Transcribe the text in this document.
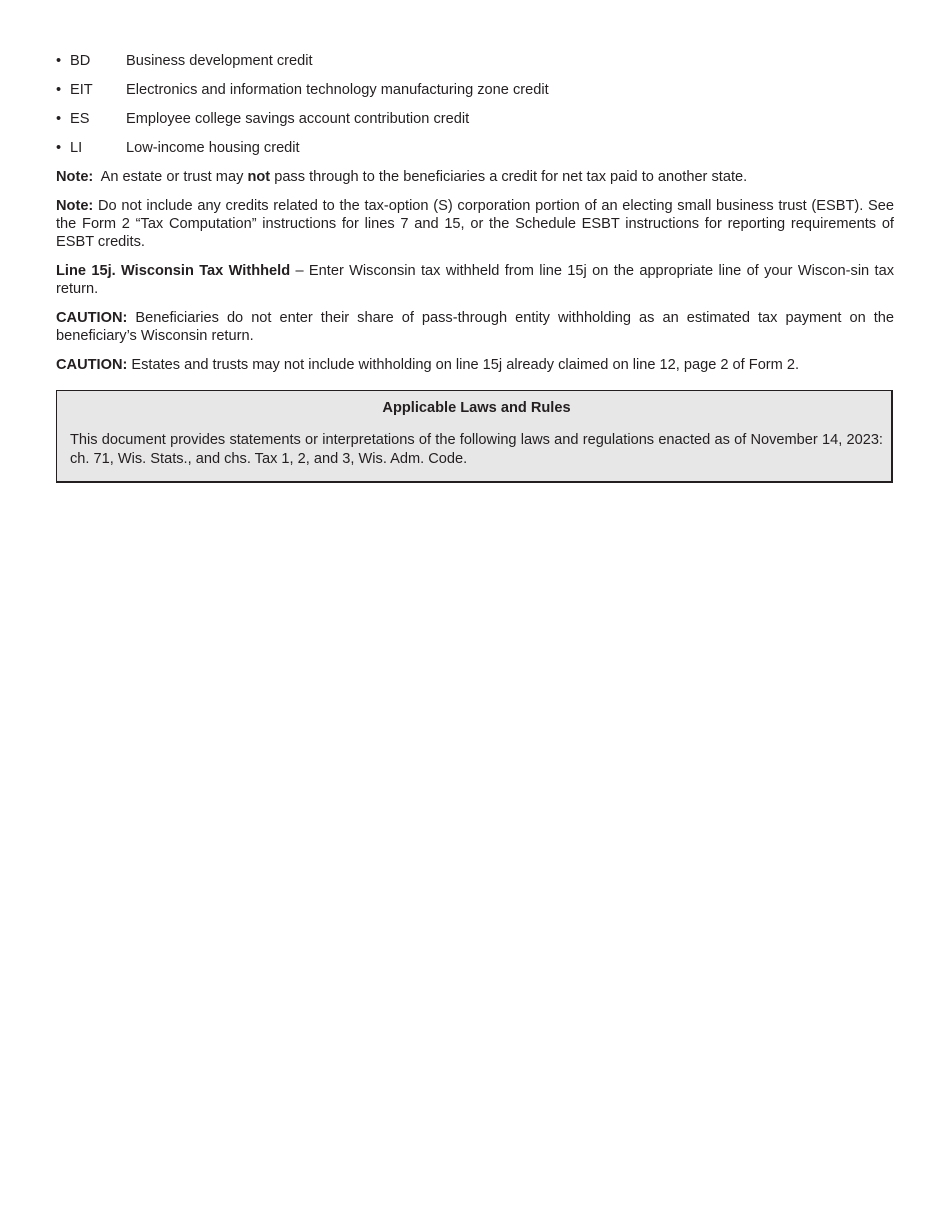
• BD	Business development credit
• EIT	Electronics and information technology manufacturing zone credit
• ES	Employee college savings account contribution credit
• LI	Low-income housing credit

Note: An estate or trust may not pass through to the beneficiaries a credit for net tax paid to another state.

Note: Do not include any credits related to the tax-option (S) corporation portion of an electing small business trust (ESBT). See the Form 2 “Tax Computation” instructions for lines 7 and 15, or the Schedule ESBT instructions for reporting requirements of ESBT credits.

Line 15j. Wisconsin Tax Withheld – Enter Wisconsin tax withheld from line 15j on the appropriate line of your Wiscon-sin tax return.

CAUTION: Beneficiaries do not enter their share of pass-through entity withholding as an estimated tax payment on the beneficiary’s Wisconsin return.

CAUTION: Estates and trusts may not include withholding on line 15j already claimed on line 12, page 2 of Form 2.

Applicable Laws and Rules

This document provides statements or interpretations of the following laws and regulations enacted as of November 14, 2023: ch. 71, Wis. Stats., and chs. Tax 1, 2, and 3, Wis. Adm. Code.
